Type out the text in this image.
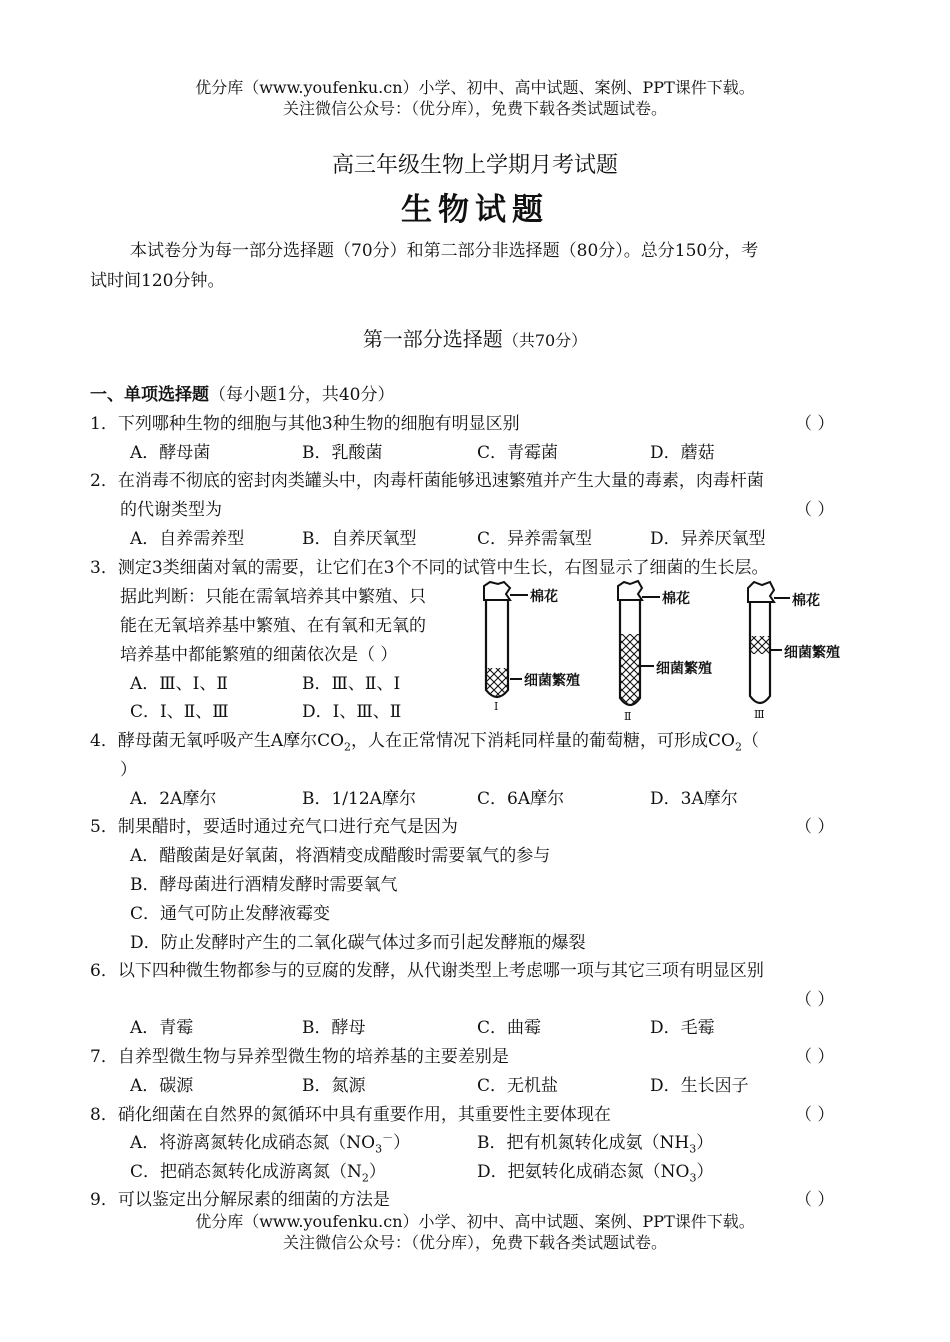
优分库（www.youfenku.cn）小学、初中、高中试题、案例、PPT课件下载。
关注微信公众号：（优分库），免费下载各类试题试卷。
高三年级生物上学期月考试题
生物试题
本试卷分为每一部分选择题（70分）和第二部分非选择题（80分）。总分150分，考
试时间120分钟。
第一部分选择题（共70分）
一、单项选择题（每小题1分，共40分）
1．下列哪种生物的细胞与其他3种生物的细胞有明显区别	（ ）
A．酵母菌	B．乳酸菌	C．青霉菌	D．蘑菇
2．在消毒不彻底的密封肉类罐头中，肉毒杆菌能够迅速繁殖并产生大量的毒素，肉毒杆菌
的代谢类型为	（ ）
A．自养需养型	B．自养厌氧型	C．异养需氧型	D．异养厌氧型
3．测定3类细菌对氧的需要，让它们在3个不同的试管中生长，右图显示了细菌的生长层。
据此判断：只能在需氧培养其中繁殖、只
能在无氧培养基中繁殖、在有氧和无氧的
培养基中都能繁殖的细菌依次是（ ）
A．Ⅲ、Ⅰ、Ⅱ	B．Ⅲ、Ⅱ、Ⅰ
C．Ⅰ、Ⅱ、Ⅲ	D．Ⅰ、Ⅲ、Ⅱ
棉花
细菌繁殖
Ⅰ
棉花
细菌繁殖
Ⅱ
棉花
细菌繁殖
Ⅲ
4．酵母菌无氧呼吸产生A摩尔$CO_2$，人在正常情况下消耗同样量的葡萄糖，可形成$CO_2$（
）
A．2A摩尔	B．1/12A摩尔	C．6A摩尔	D．3A摩尔
5．制果醋时，要适时通过充气口进行充气是因为	（ ）
A．醋酸菌是好氧菌，将酒精变成醋酸时需要氧气的参与
B．酵母菌进行酒精发酵时需要氧气
C．通气可防止发酵液霉变
D．防止发酵时产生的二氧化碳气体过多而引起发酵瓶的爆裂
6．以下四种微生物都参与的豆腐的发酵，从代谢类型上考虑哪一项与其它三项有明显区别
（ ）
A．青霉	B．酵母	C．曲霉	D．毛霉
7．自养型微生物与异养型微生物的培养基的主要差别是	（ ）
A．碳源	B．氮源	C．无机盐	D．生长因子
8．硝化细菌在自然界的氮循环中具有重要作用，其重要性主要体现在	（ ）
A．将游离氮转化成硝态氮$(NO_3^-)$	B．把有机氮转化成氨$(NH_3)$
C．把硝态氮转化成游离氮$(N_2)$	D．把氨转化成硝态氮$(NO_3)$
9．可以鉴定出分解尿素的细菌的方法是	（ ）
优分库（www.youfenku.cn）小学、初中、高中试题、案例、PPT课件下载。
关注微信公众号：（优分库），免费下载各类试题试卷。
